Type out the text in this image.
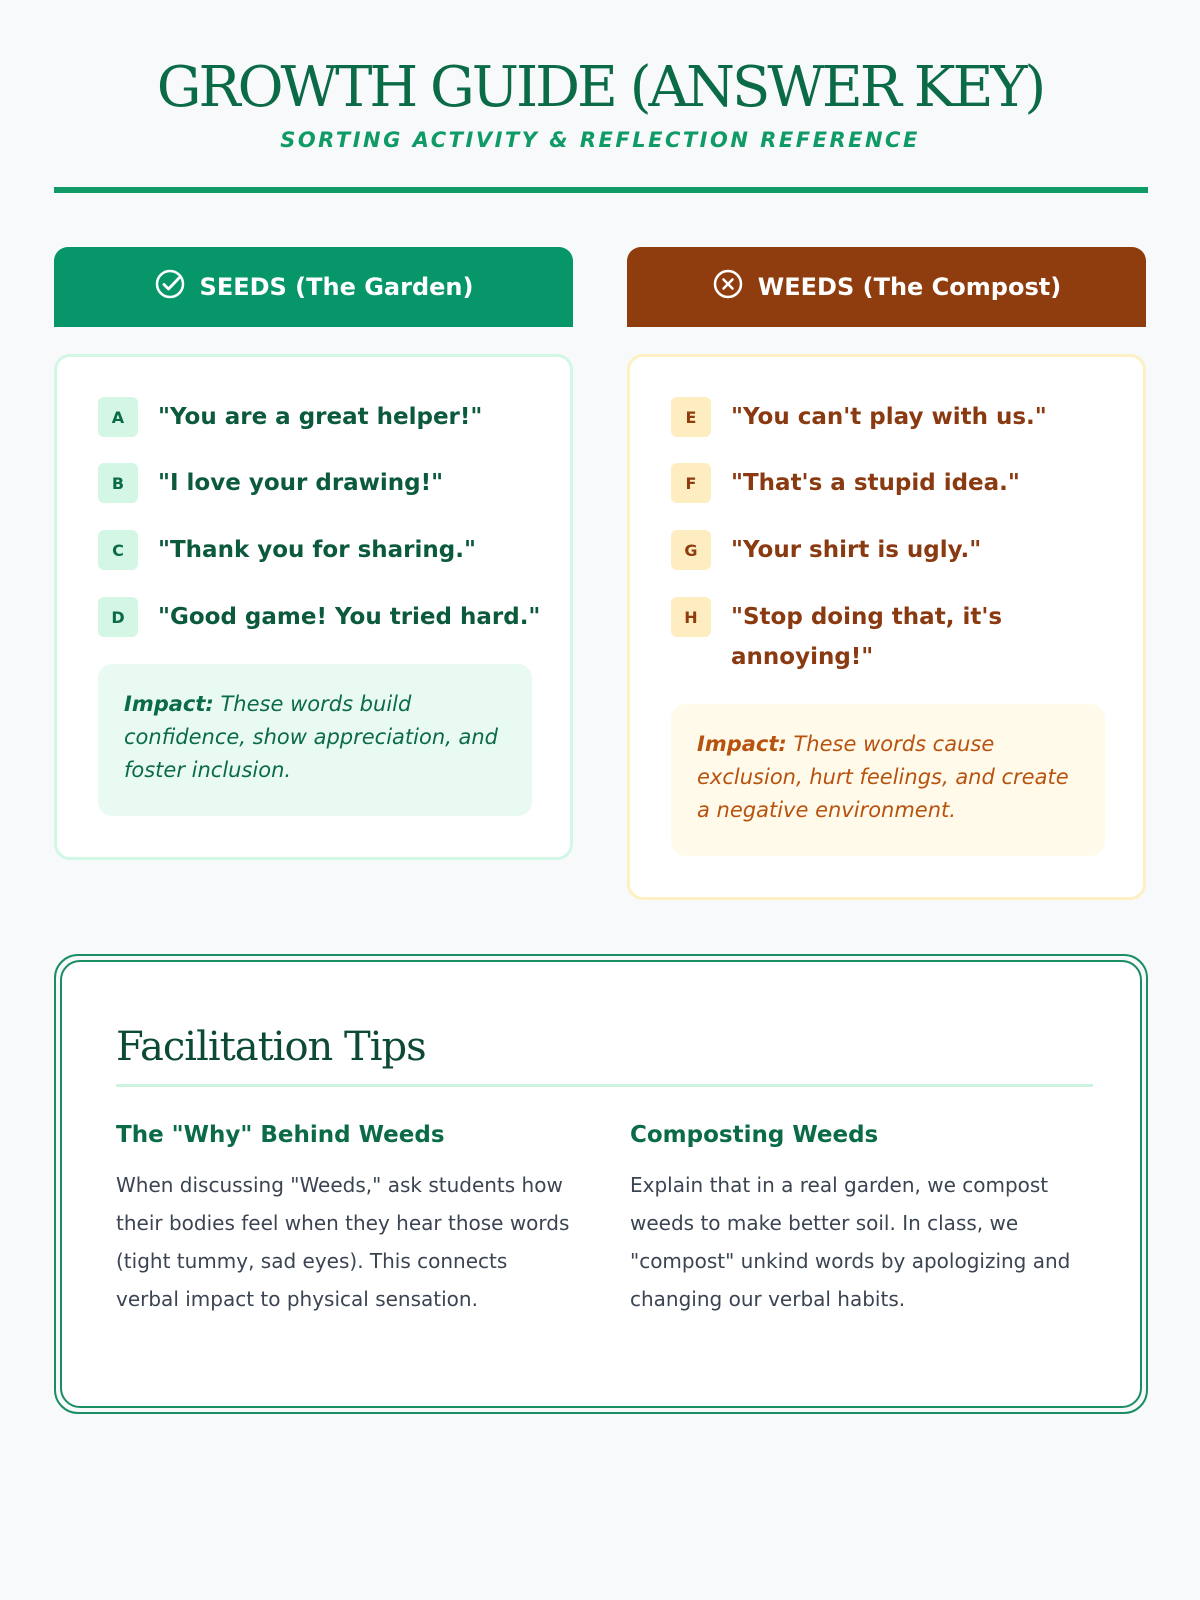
GROWTH GUIDE (ANSWER KEY)
SORTING ACTIVITY & REFLECTION REFERENCE
SEEDS (The Garden)	WEEDS (The Compost)
A	"You are a great helper!"
B	"I love your drawing!"
C	"Thank you for sharing."
D	"Good game! You tried hard."
Impact: These words build confidence, show appreciation, and foster inclusion.
E	"You can't play with us."
F	"That's a stupid idea."
G	"Your shirt is ugly."
H	"Stop doing that, it's annoying!"
Impact: These words cause exclusion, hurt feelings, and create a negative environment.
Facilitation Tips
The "Why" Behind Weeds
When discussing "Weeds," ask students how their bodies feel when they hear those words (tight tummy, sad eyes). This connects verbal impact to physical sensation.
Composting Weeds
Explain that in a real garden, we compost weeds to make better soil. In class, we "compost" unkind words by apologizing and changing our verbal habits.
